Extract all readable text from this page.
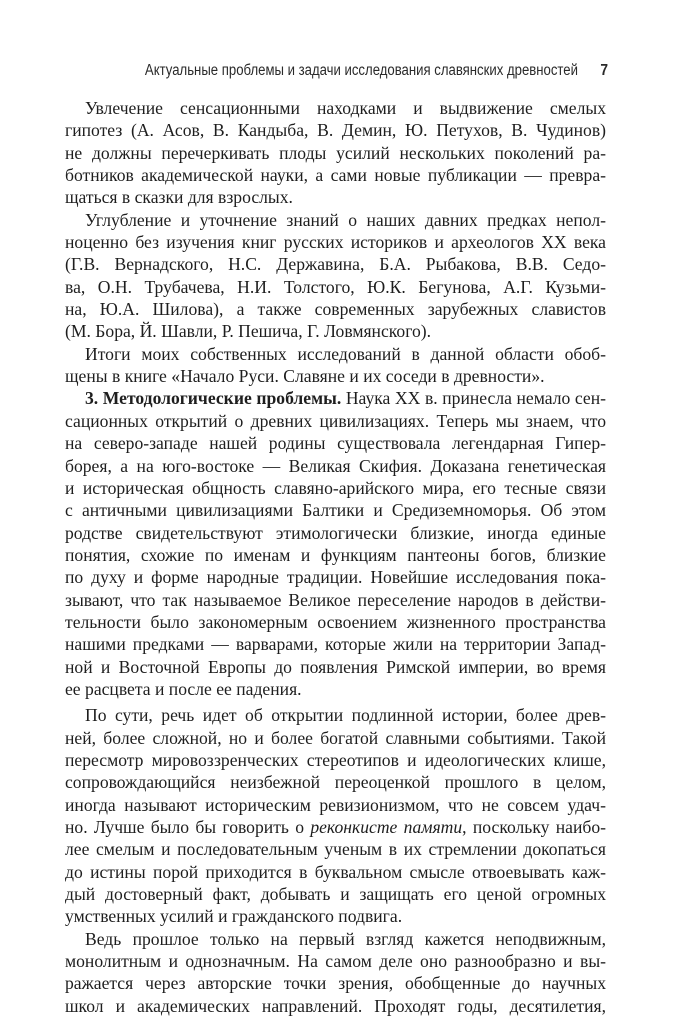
Актуальные проблемы и задачи исследования славянских древностей 7
Увлечение сенсационными находками и выдвижение смелых
гипотез (А. Асов, В. Кандыба, В. Демин, Ю. Петухов, В. Чудинов)
не должны перечеркивать плоды усилий нескольких поколений ра-
ботников академической науки, а сами новые публикации — превра-
щаться в сказки для взрослых.
Углубление и уточнение знаний о наших давних предках непол-
ноценно без изучения книг русских историков и археологов XX века
(Г.В. Вернадского, Н.С. Державина, Б.А. Рыбакова, В.В. Седо-
ва, О.Н. Трубачева, Н.И. Толстого, Ю.К. Бегунова, А.Г. Кузьми-
на, Ю.А. Шилова), а также современных зарубежных славистов
(М. Бора, Й. Шавли, Р. Пешича, Г. Ловмянского).
Итоги моих собственных исследований в данной области обоб-
щены в книге «Начало Руси. Славяне и их соседи в древности».
3. Методологические проблемы. Наука XX в. принесла немало сен-
сационных открытий о древних цивилизациях. Теперь мы знаем, что
на северо-западе нашей родины существовала легендарная Гипер-
борея, а на юго-востоке — Великая Скифия. Доказана генетическая
и историческая общность славяно-арийского мира, его тесные связи
с античными цивилизациями Балтики и Средиземноморья. Об этом
родстве свидетельствуют этимологически близкие, иногда единые
понятия, схожие по именам и функциям пантеоны богов, близкие
по духу и форме народные традиции. Новейшие исследования пока-
зывают, что так называемое Великое переселение народов в действи-
тельности было закономерным освоением жизненного пространства
нашими предками — варварами, которые жили на территории Запад-
ной и Восточной Европы до появления Римской империи, во время
ее расцвета и после ее падения.
По сути, речь идет об открытии подлинной истории, более древ-
ней, более сложной, но и более богатой славными событиями. Такой
пересмотр мировоззренческих стереотипов и идеологических клише,
сопровождающийся неизбежной переоценкой прошлого в целом,
иногда называют историческим ревизионизмом, что не совсем удач-
но. Лучше было бы говорить о реконкисте памяти, поскольку наибо-
лее смелым и последовательным ученым в их стремлении докопаться
до истины порой приходится в буквальном смысле отвоевывать каж-
дый достоверный факт, добывать и защищать его ценой огромных
умственных усилий и гражданского подвига.
Ведь прошлое только на первый взгляд кажется неподвижным,
монолитным и однозначным. На самом деле оно разнообразно и вы-
ражается через авторские точки зрения, обобщенные до научных
школ и академических направлений. Проходят годы, десятилетия,
